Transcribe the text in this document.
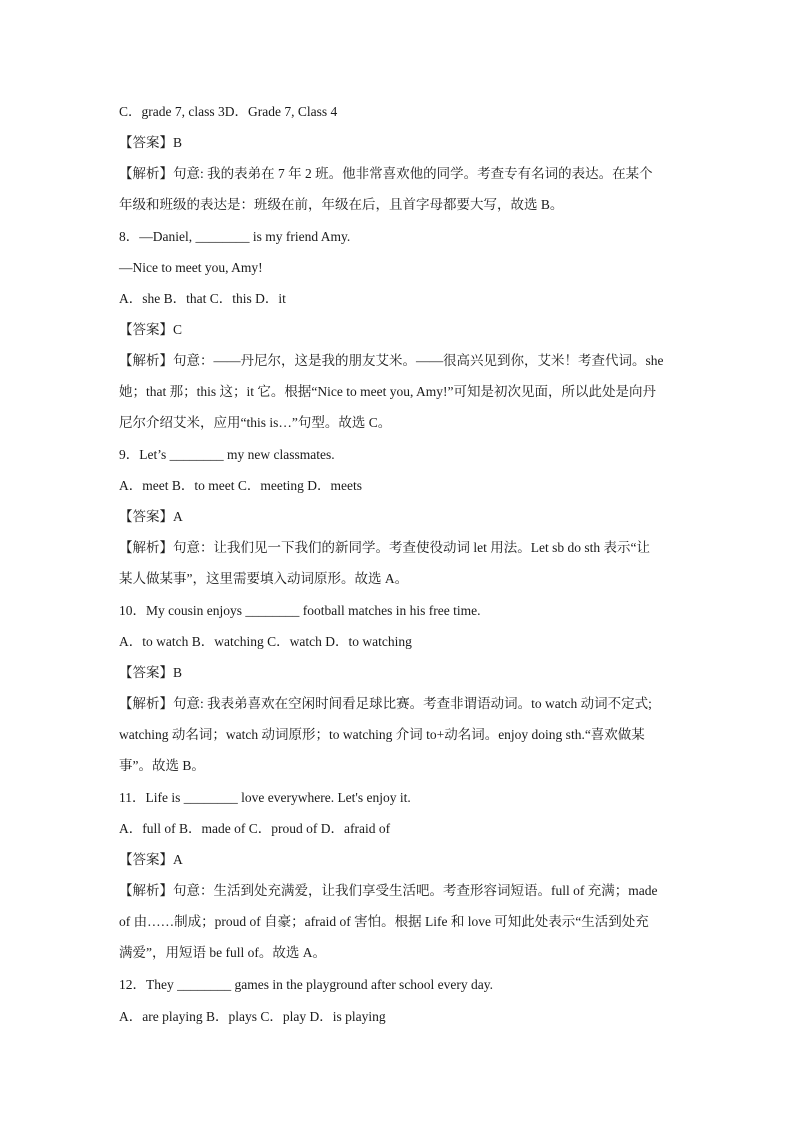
C．grade 7, class 3D．Grade 7, Class 4
【答案】B
【解析】句意: 我的表弟在 7 年 2 班。他非常喜欢他的同学。考查专有名词的表达。在某个
年级和班级的表达是：班级在前，年级在后，且首字母都要大写，故选 B。
8．—Daniel, ________ is my friend Amy.
—Nice to meet you, Amy!
A．she B．that C．this D．it
【答案】C
【解析】句意：——丹尼尔，这是我的朋友艾米。——很高兴见到你，艾米！考查代词。she
她；that 那；this 这；it 它。根据“Nice to meet you, Amy!”可知是初次见面，所以此处是向丹
尼尔介绍艾米，应用“this is…”句型。故选 C。
9．Let’s ________ my new classmates.
A．meet B．to meet C．meeting D．meets
【答案】A
【解析】句意：让我们见一下我们的新同学。考查使役动词 let 用法。Let sb do sth 表示“让
某人做某事”，这里需要填入动词原形。故选 A。
10．My cousin enjoys ________ football matches in his free time.
A．to watch B．watching C．watch D．to watching
【答案】B
【解析】句意: 我表弟喜欢在空闲时间看足球比赛。考查非谓语动词。to watch 动词不定式;
watching 动名词；watch 动词原形；to watching 介词 to+动名词。enjoy doing sth.“喜欢做某
事”。故选 B。
11．Life is ________ love everywhere. Let's enjoy it.
A．full of B．made of C．proud of D．afraid of
【答案】A
【解析】句意：生活到处充满爱，让我们享受生活吧。考查形容词短语。full of 充满；made
of 由……制成；proud of 自豪；afraid of 害怕。根据 Life 和 love 可知此处表示“生活到处充
满爱”，用短语 be full of。故选 A。
12．They ________ games in the playground after school every day.
A．are playing B．plays C．play D．is playing
